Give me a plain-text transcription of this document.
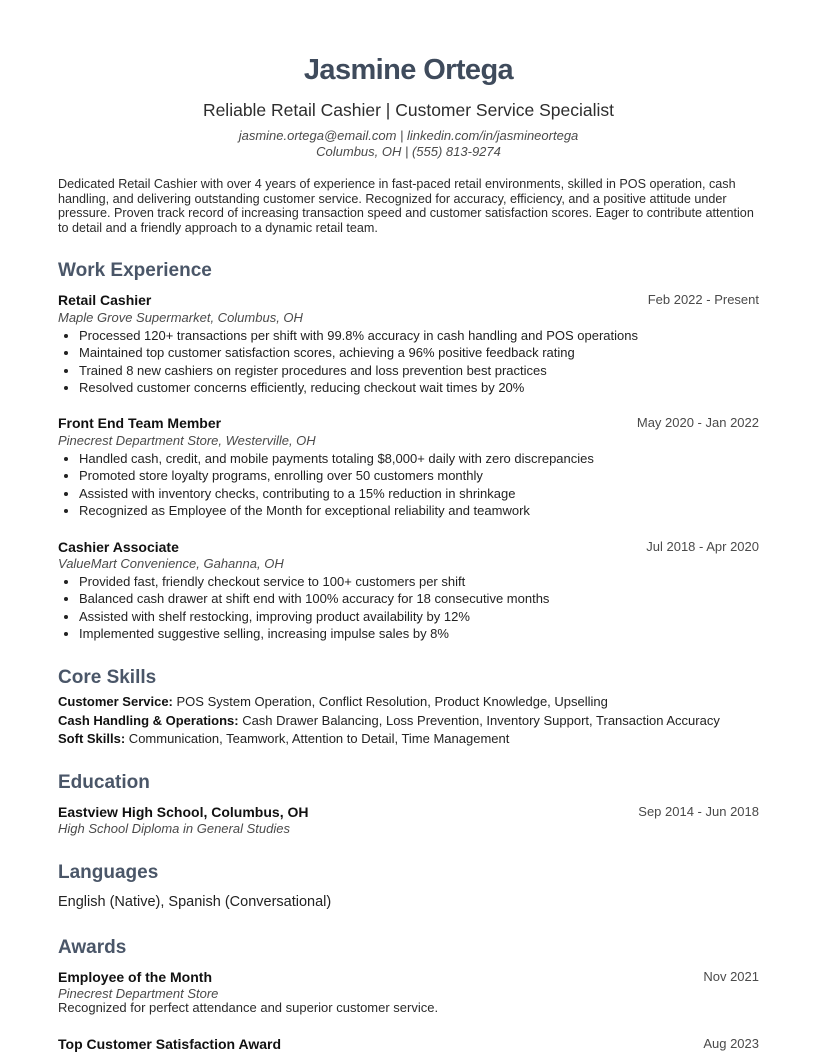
Jasmine Ortega
Reliable Retail Cashier | Customer Service Specialist
jasmine.ortega@email.com | linkedin.com/in/jasmineortega
Columbus, OH | (555) 813-9274
Dedicated Retail Cashier with over 4 years of experience in fast-paced retail environments, skilled in POS operation, cash handling, and delivering outstanding customer service. Recognized for accuracy, efficiency, and a positive attitude under pressure. Proven track record of increasing transaction speed and customer satisfaction scores. Eager to contribute attention to detail and a friendly approach to a dynamic retail team.
Work Experience
Retail Cashier	Feb 2022 - Present
Maple Grove Supermarket, Columbus, OH
• Processed 120+ transactions per shift with 99.8% accuracy in cash handling and POS operations
• Maintained top customer satisfaction scores, achieving a 96% positive feedback rating
• Trained 8 new cashiers on register procedures and loss prevention best practices
• Resolved customer concerns efficiently, reducing checkout wait times by 20%
Front End Team Member	May 2020 - Jan 2022
Pinecrest Department Store, Westerville, OH
• Handled cash, credit, and mobile payments totaling $8,000+ daily with zero discrepancies
• Promoted store loyalty programs, enrolling over 50 customers monthly
• Assisted with inventory checks, contributing to a 15% reduction in shrinkage
• Recognized as Employee of the Month for exceptional reliability and teamwork
Cashier Associate	Jul 2018 - Apr 2020
ValueMart Convenience, Gahanna, OH
• Provided fast, friendly checkout service to 100+ customers per shift
• Balanced cash drawer at shift end with 100% accuracy for 18 consecutive months
• Assisted with shelf restocking, improving product availability by 12%
• Implemented suggestive selling, increasing impulse sales by 8%
Core Skills
Customer Service: POS System Operation, Conflict Resolution, Product Knowledge, Upselling
Cash Handling & Operations: Cash Drawer Balancing, Loss Prevention, Inventory Support, Transaction Accuracy
Soft Skills: Communication, Teamwork, Attention to Detail, Time Management
Education
Eastview High School, Columbus, OH	Sep 2014 - Jun 2018
High School Diploma in General Studies
Languages
English (Native), Spanish (Conversational)
Awards
Employee of the Month	Nov 2021
Pinecrest Department Store
Recognized for perfect attendance and superior customer service.
Top Customer Satisfaction Award	Aug 2023
